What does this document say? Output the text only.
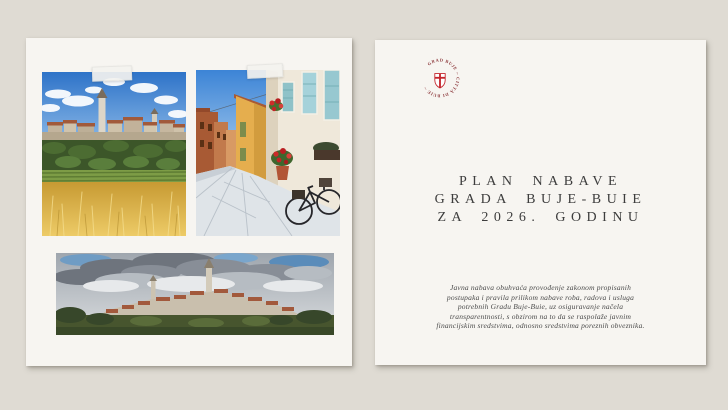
GRAD BUJE ~ CITTÀ DI BUIE ~
PLAN NABAVE
GRADA BUJE-BUIE
ZA 2026. GODINU
Javna nabava obuhvaća provođenje zakonom propisanih
postupaka i pravila prilikom nabave roba, radova i usluga
potrebnih Gradu Buje-Buie, uz osiguravanje načela
transparentnosti, s obzirom na to da se raspolaže javnim
financijskim sredstvima, odnosno sredstvima poreznih obveznika.
